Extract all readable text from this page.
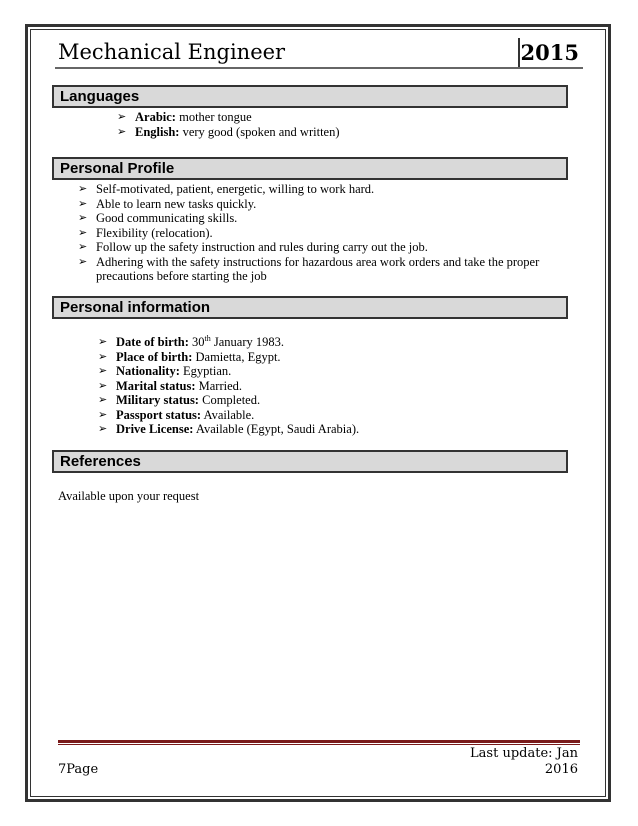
Mechanical Engineer	2015
Languages
➢ Arabic: mother tongue
➢ English: very good (spoken and written)
Personal Profile
➢ Self-motivated, patient, energetic, willing to work hard.
➢ Able to learn new tasks quickly.
➢ Good communicating skills.
➢ Flexibility (relocation).
➢ Follow up the safety instruction and rules during carry out the job.
➢ Adhering with the safety instructions for hazardous area work orders and take the proper precautions before starting the job
Personal information
➢ Date of birth: 30th January 1983.
➢ Place of birth: Damietta, Egypt.
➢ Nationality: Egyptian.
➢ Marital status: Married.
➢ Military status: Completed.
➢ Passport status: Available.
➢ Drive License: Available (Egypt, Saudi Arabia).
References
Available upon your request
Last update: Jan
7Page	2016
